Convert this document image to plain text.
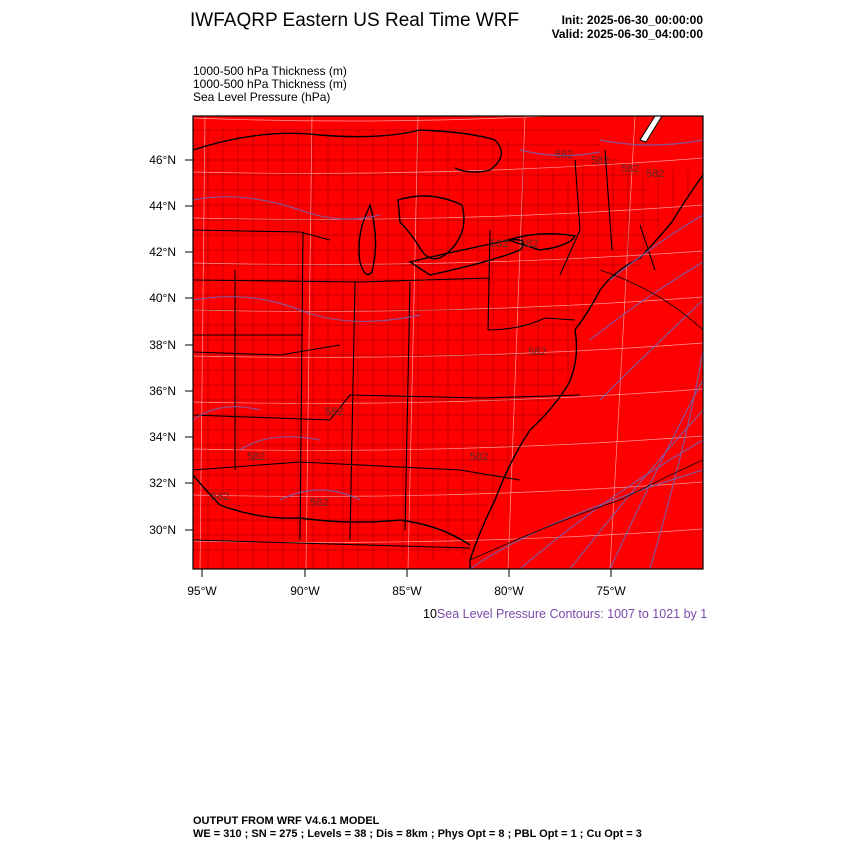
IWFAQRP Eastern US Real Time WRF	Init: 2025-06-30_00:00:00
Valid: 2025-06-30_04:00:00
1000-500 hPa Thickness (m)
1000-500 hPa Thickness (m)
Sea Level Pressure (hPa)
582 582
582 582
582 582
582
582
582	582
582	582
46°N
44°N
42°N
40°N
38°N
36°N
34°N
32°N
30°N
95°W	90°W	85°W	80°W	75°W
10Sea Level Pressure Contours: 1007 to 1021 by 1
OUTPUT FROM WRF V4.6.1 MODEL
WE = 310 ; SN = 275 ; Levels = 38 ; Dis = 8km ; Phys Opt = 8 ; PBL Opt = 1 ; Cu Opt = 3
